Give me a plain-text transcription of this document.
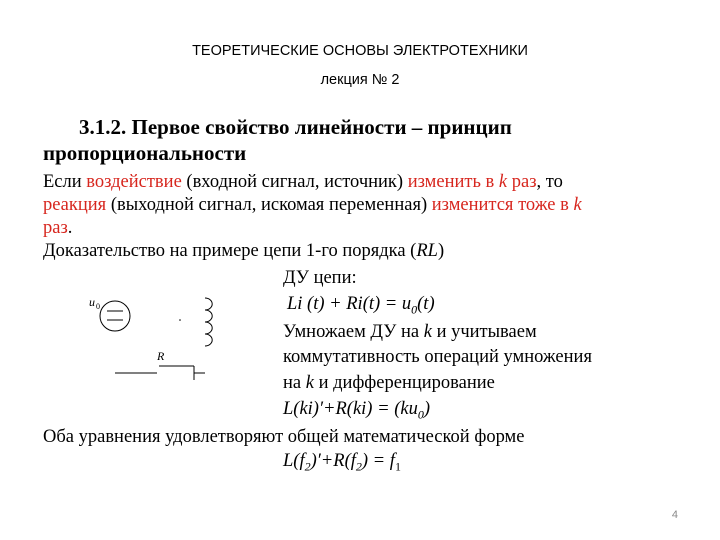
ТЕОРЕТИЧЕСКИЕ ОСНОВЫ ЭЛЕКТРОТЕХНИКИ
лекция № 2
3.1.2. Первое свойство линейности – принцип
пропорциональности
Если воздействие (входной сигнал, источник) изменить в k раз, то
реакция (выходной сигнал, искомая переменная) изменится тоже в k
раз.
Доказательство на примере цепи 1-го порядка (RL)
u 0
R
ДУ цепи:
Li $(t) + Ri(t) = u_0(t)$
Умножаем ДУ на k и учитываем
коммутативность операций умножения
на k и дифференцирование
$L(ki)'+R(ki) = (ku_0)$
Оба уравнения удовлетворяют общей математической форме
$L(f_2)'+R(f_2) = f_1$
4
